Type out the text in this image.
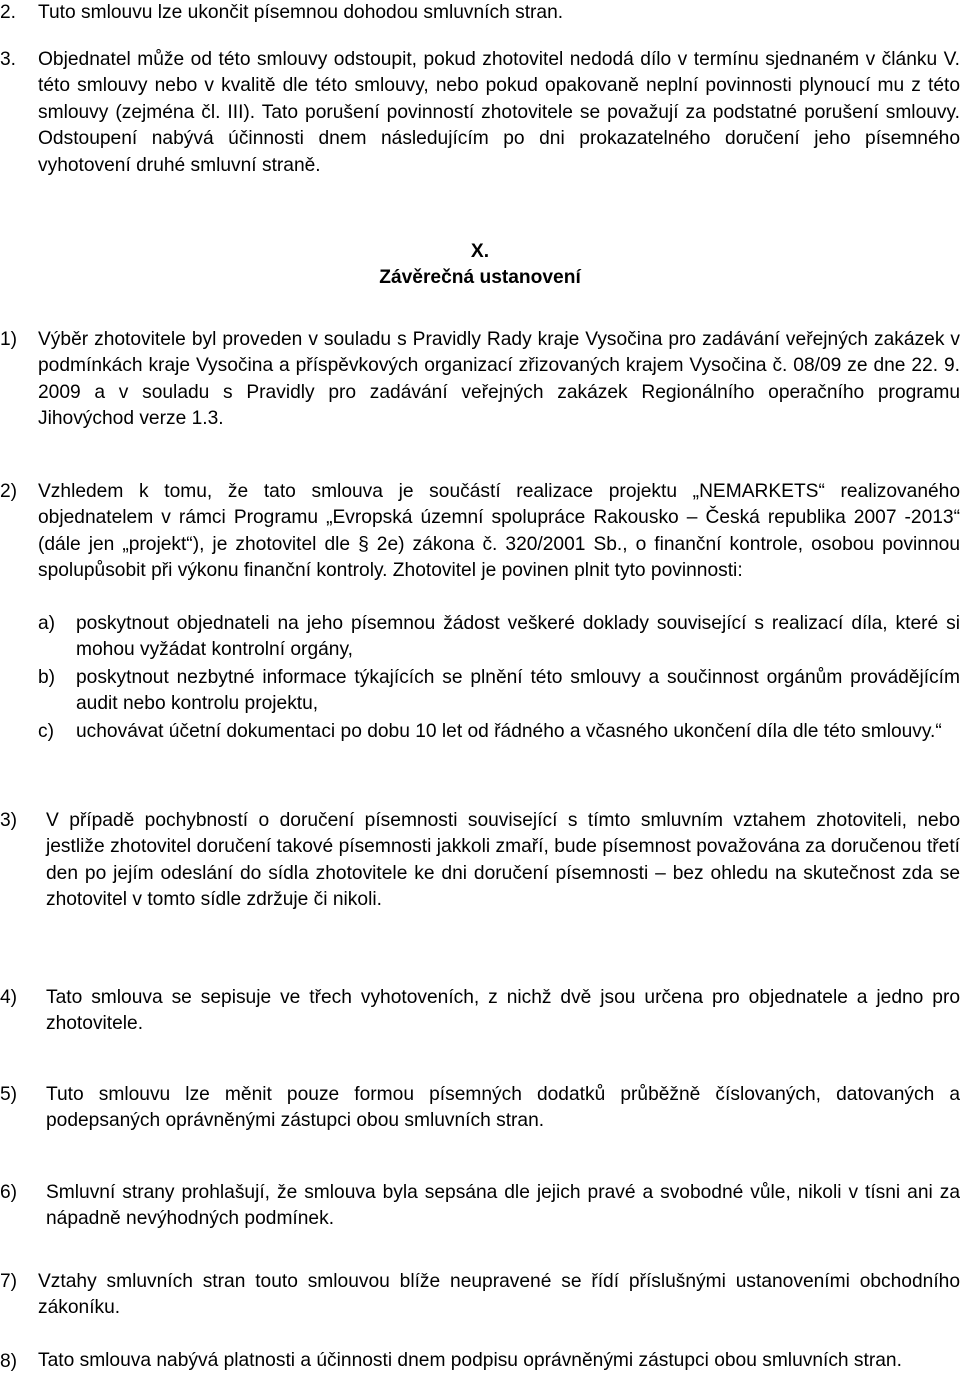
2. Tuto smlouvu lze ukončit písemnou dohodou smluvních stran.
3. Objednatel může od této smlouvy odstoupit, pokud zhotovitel nedodá dílo v termínu sjednaném v článku V. této smlouvy nebo v kvalitě dle této smlouvy, nebo pokud opakovaně neplní povinnosti plynoucí mu z této smlouvy (zejména čl. III). Tato porušení povinností zhotovitele se považují za podstatné porušení smlouvy. Odstoupení nabývá účinnosti dnem následujícím po dni prokazatelného doručení jeho písemného vyhotovení druhé smluvní straně.

X.
Závěrečná ustanovení
1) Výběr zhotovitele byl proveden v souladu s Pravidly Rady kraje Vysočina pro zadávání veřejných zakázek v podmínkách kraje Vysočina a příspěvkových organizací zřizovaných krajem Vysočina č. 08/09 ze dne 22. 9. 2009 a v souladu s Pravidly pro zadávání veřejných zakázek Regionálního operačního programu Jihovýchod verze 1.3.

2) Vzhledem k tomu, že tato smlouva je součástí realizace projektu „NEMARKETS“ realizovaného objednatelem v rámci Programu „Evropská územní spolupráce Rakousko – Česká republika 2007 -2013“ (dále jen „projekt“), je zhotovitel dle § 2e) zákona č. 320/2001 Sb., o finanční kontrole, osobou povinnou spolupůsobit při výkonu finanční kontroly. Zhotovitel je povinen plnit tyto povinnosti:

a) poskytnout objednateli na jeho písemnou žádost veškeré doklady související s realizací díla, které si mohou vyžádat kontrolní orgány,

b) poskytnout nezbytné informace týkajících se plnění této smlouvy a součinnost orgánům provádějícím audit nebo kontrolu projektu,

c) uchovávat účetní dokumentaci po dobu 10 let od řádného a včasného ukončení díla dle této smlouvy.“

3) V případě pochybností o doručení písemnosti související s tímto smluvním vztahem zhotoviteli, nebo jestliže zhotovitel doručení takové písemnosti jakkoli zmaří, bude písemnost považována za doručenou třetí den po jejím odeslání do sídla zhotovitele ke dni doručení písemnosti – bez ohledu na skutečnost zda se zhotovitel v tomto sídle zdržuje či nikoli.

4) Tato smlouva se sepisuje ve třech vyhotoveních, z nichž dvě jsou určena pro objednatele a jedno pro zhotovitele.

5) Tuto smlouvu lze měnit pouze formou písemných dodatků průběžně číslovaných, datovaných a podepsaných oprávněnými zástupci obou smluvních stran.

6) Smluvní strany prohlašují, že smlouva byla sepsána dle jejich pravé a svobodné vůle, nikoli v tísni ani za nápadně nevýhodných podmínek.

7) Vztahy smluvních stran touto smlouvou blíže neupravené se řídí příslušnými ustanoveními obchodního zákoníku.

8) Tato smlouva nabývá platnosti a účinnosti dnem podpisu oprávněnými zástupci obou smluvních stran.
